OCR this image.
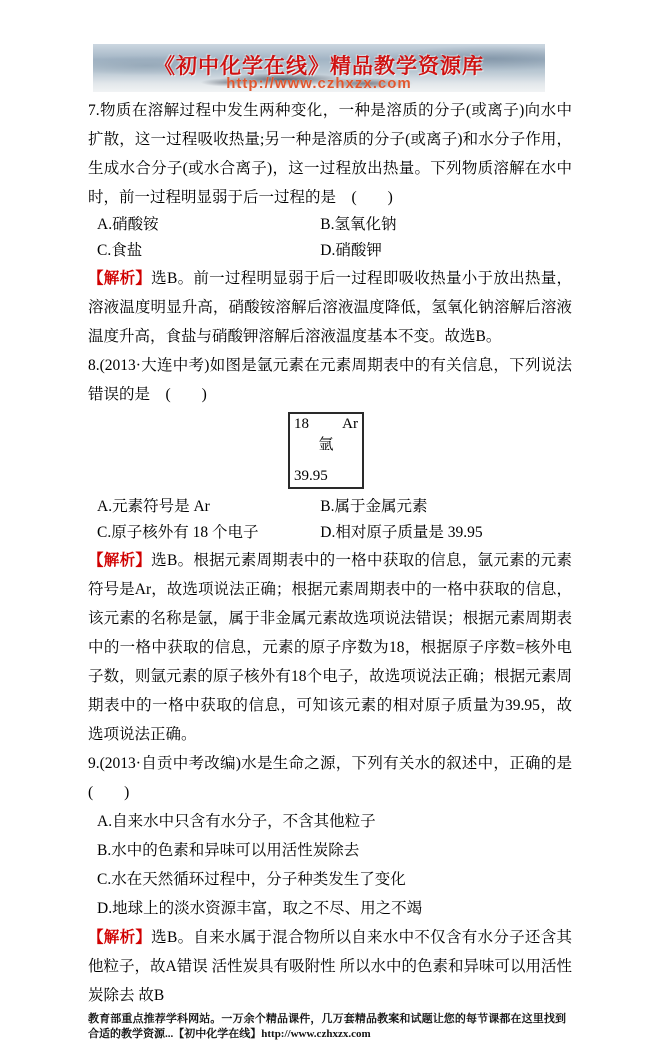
《初中化学在线》精品教学资源库
http://www.czhxzx.com

7.物质在溶解过程中发生两种变化，一种是溶质的分子(或离子)向水中扩散，这一过程吸收热量;另一种是溶质的分子(或离子)和水分子作用，生成水合分子(或水合离子)，这一过程放出热量。下列物质溶解在水中时，前一过程明显弱于后一过程的是　(　　)

A.硝酸铵	B.氢氧化钠
C.食盐	D.硝酸钾

【解析】选B。前一过程明显弱于后一过程即吸收热量小于放出热量，溶液温度明显升高，硝酸铵溶解后溶液温度降低，氢氧化钠溶解后溶液温度升高，食盐与硝酸钾溶解后溶液温度基本不变。故选B。

8.(2013·大连中考)如图是氩元素在元素周期表中的有关信息，下列说法错误的是　(　　)

18 Ar
氩
39.95
A.元素符号是 Ar	B.属于金属元素
C.原子核外有 18 个电子	D.相对原子质量是 39.95

【解析】选B。根据元素周期表中的一格中获取的信息，氩元素的元素符号是Ar，故选项说法正确；根据元素周期表中的一格中获取的信息，该元素的名称是氩，属于非金属元素故选项说法错误；根据元素周期表中的一格中获取的信息，元素的原子序数为18，根据原子序数=核外电子数，则氩元素的原子核外有18个电子，故选项说法正确；根据元素周期表中的一格中获取的信息，可知该元素的相对原子质量为39.95，故选项说法正确。

9.(2013·自贡中考改编)水是生命之源，下列有关水的叙述中，正确的是　(　　)

A.自来水中只含有水分子，不含其他粒子
B.水中的色素和异味可以用活性炭除去
C.水在天然循环过程中，分子种类发生了变化
D.地球上的淡水资源丰富，取之不尽、用之不竭

【解析】选B。自来水属于混合物所以自来水中不仅含有水分子还含其他粒子，故A错误 活性炭具有吸附性 所以水中的色素和异味可以用活性炭除去 故B

教育部重点推荐学科网站。一万余个精品课件，几万套精品教案和试题让您的每节课都在这里找到合适的教学资源...【初中化学在线】http://www.czhxzx.com
